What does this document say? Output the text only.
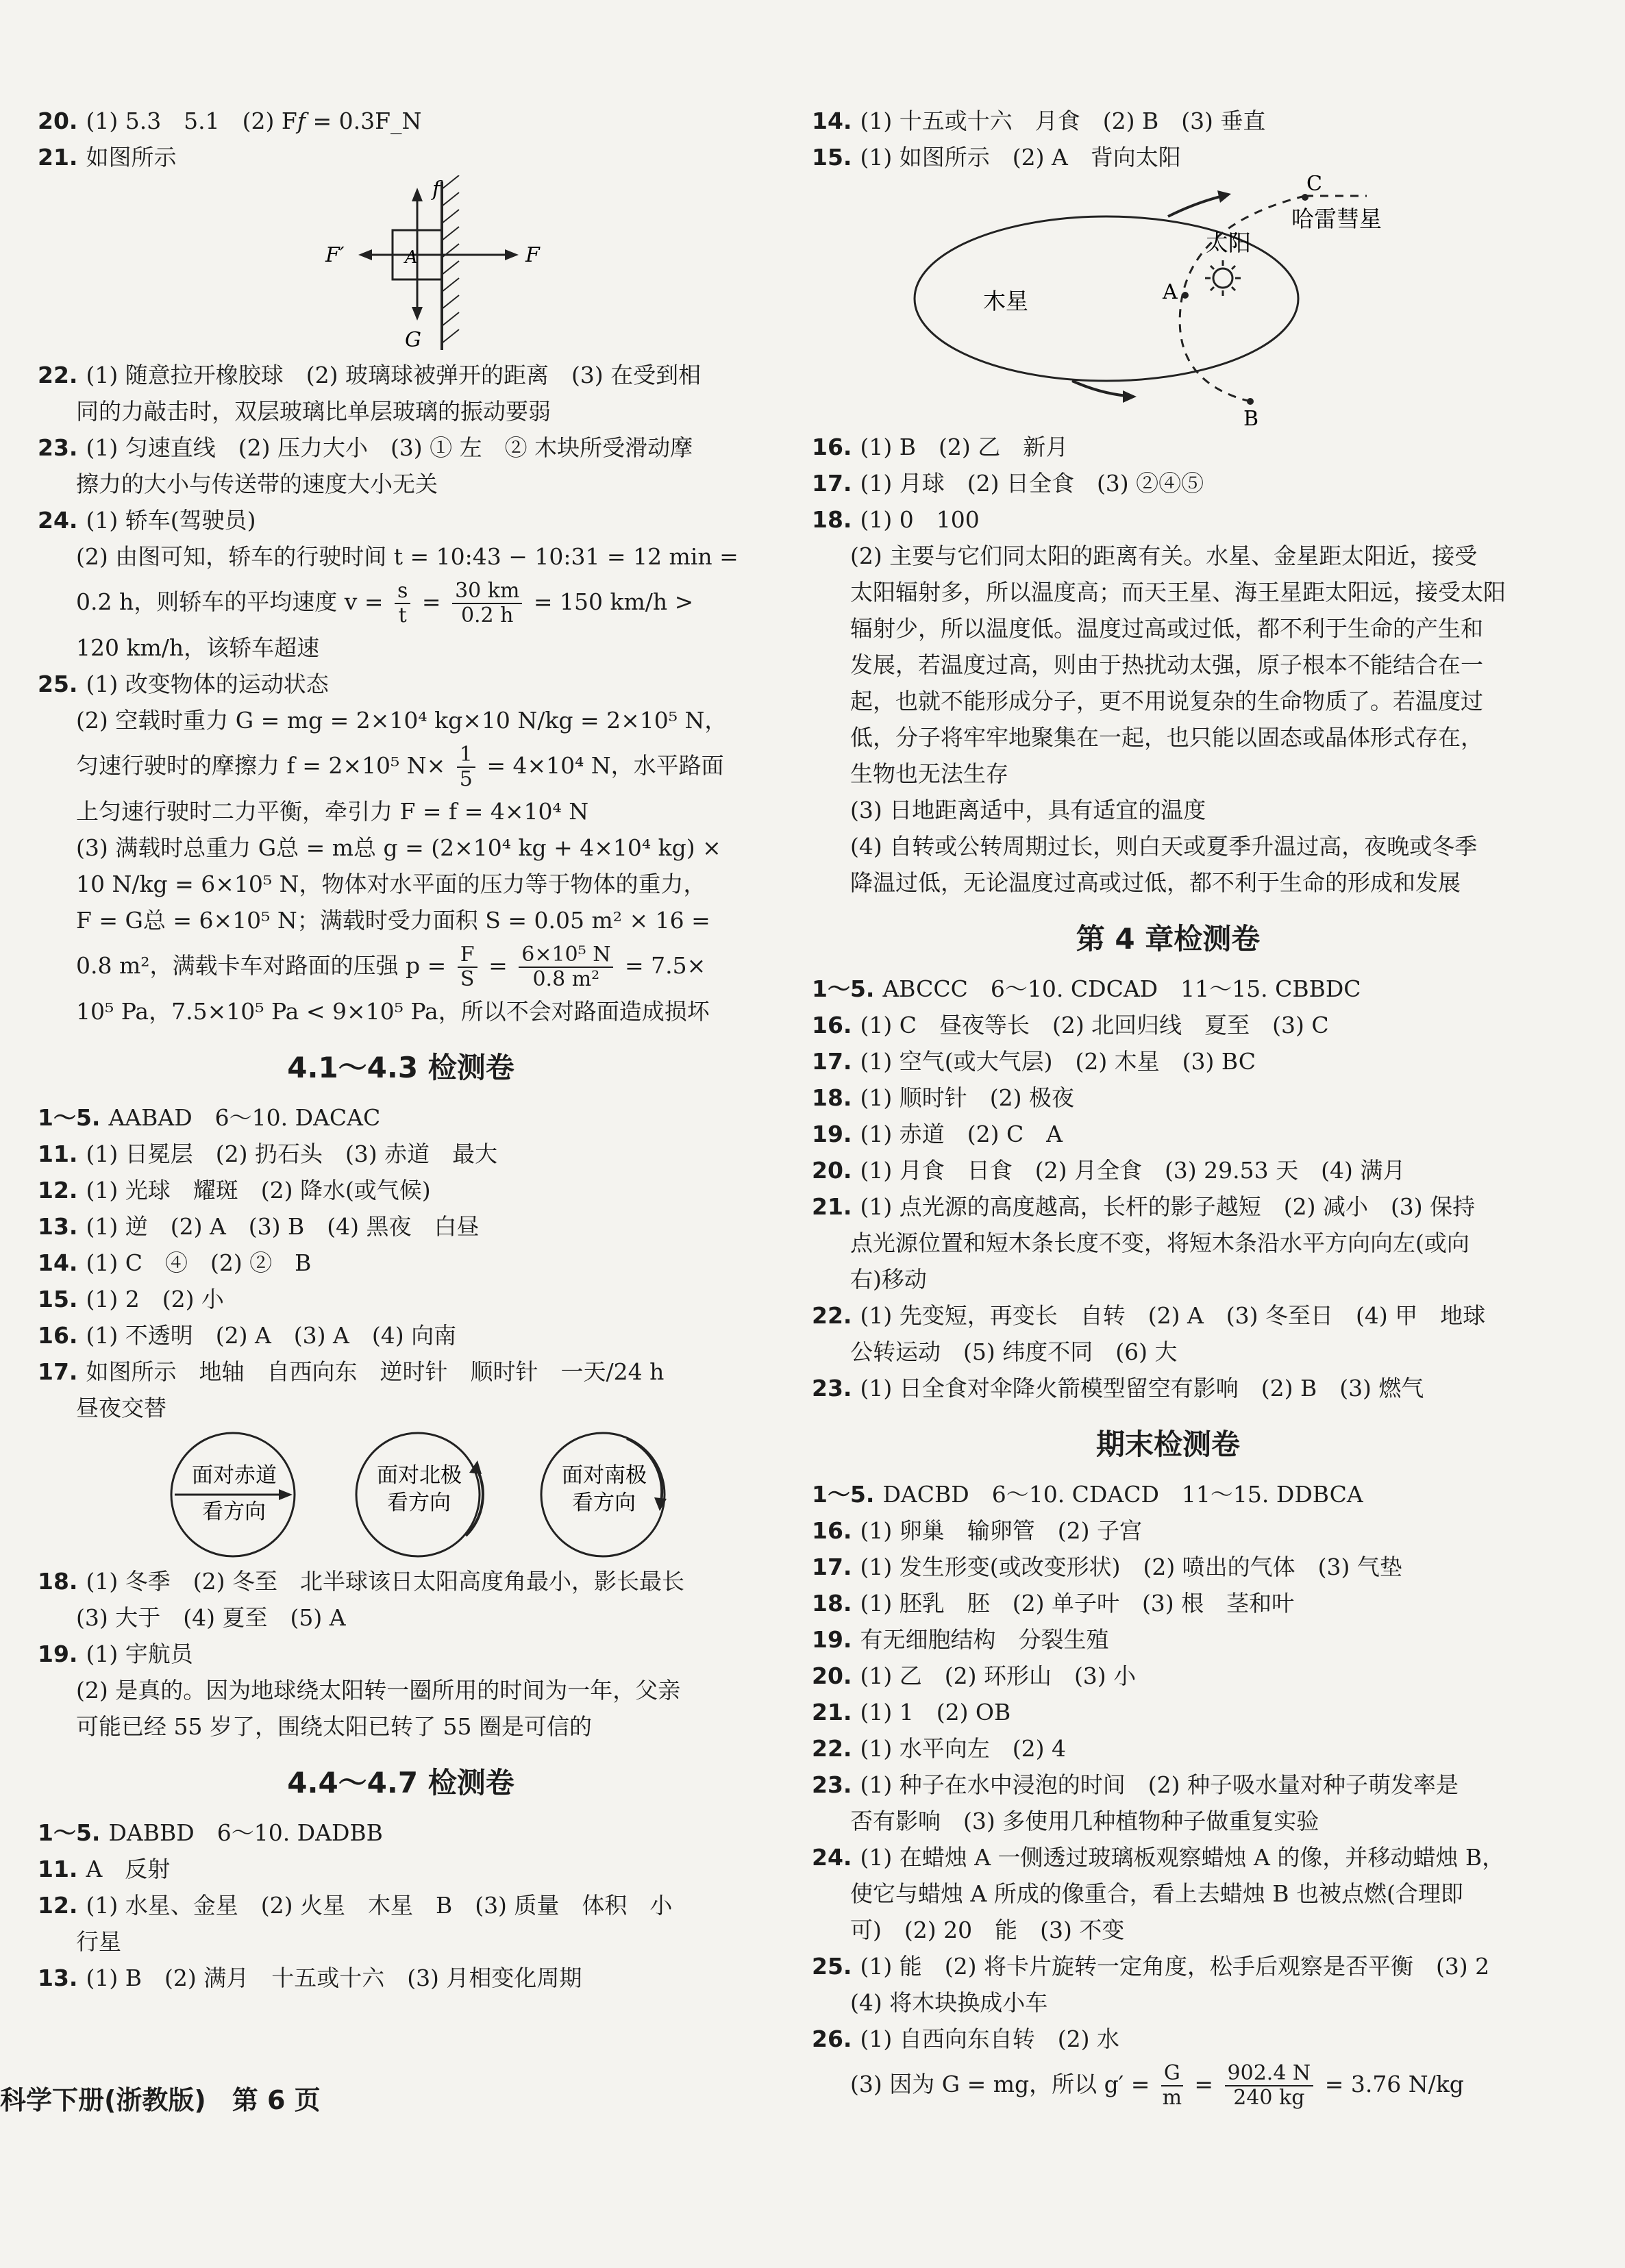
20. (1) 5.3　5.1　(2) F𝑓 = 0.3F_N
21. 如图所示
f
F′	A	F
G
22. (1) 随意拉开橡胶球　(2) 玻璃球被弹开的距离　(3) 在受到相
同的力敲击时，双层玻璃比单层玻璃的振动要弱
23. (1) 匀速直线　(2) 压力大小　(3) ① 左　② 木块所受滑动摩
擦力的大小与传送带的速度大小无关
24. (1) 轿车(驾驶员)
(2) 由图可知，轿车的行驶时间 t = 10:43 − 10:31 = 12 min =
0.2 h，则轿车的平均速度 $v = \frac{s}{t} = \frac{30 km}{0.2 h} = 150$ km/h >
120 km/h，该轿车超速
25. (1) 改变物体的运动状态
(2) 空载时重力 G = mg = 2×10⁴ kg×10 N/kg = 2×10⁵ N，
匀速行驶时的摩擦力 f = 2×10⁵ $N\times \frac{1}{5} = 4\times 10^4$ N，水平路面
上匀速行驶时二力平衡，牵引力 F = f = 4×10⁴ N
(3) 满载时总重力 G总 = m总 g = (2×10⁴ kg + 4×10⁴ kg) ×
10 N/kg = 6×10⁵ N，物体对水平面的压力等于物体的重力，
F = G总 = 6×10⁵ N；满载时受力面积 S = 0.05 m² × 16 =
0.8 m²，满载卡车对路面的压强 $p = \frac{F}{S} = \frac{\text{6×10⁵ N}}{\text{0.8 m²}} = 7.5\times$
10⁵ Pa，7.5×10⁵ Pa < 9×10⁵ Pa，所以不会对路面造成损坏
4.1～4.3 检测卷
1～5. AABAD　6～10. DACAC
11. (1) 日冕层　(2) 扔石头　(3) 赤道　最大
12. (1) 光球　耀斑　(2) 降水(或气候)
13. (1) 逆　(2) A　(3) B　(4) 黑夜　白昼
14. (1) C　④　(2) ②　B
15. (1) 2　(2) 小
16. (1) 不透明　(2) A　(3) A　(4) 向南
17. 如图所示　地轴　自西向东　逆时针　顺时针　一天/24 h
昼夜交替
面对赤道
看方向
面对北极
看方向
面对南极
看方向
18. (1) 冬季　(2) 冬至　北半球该日太阳高度角最小，影长最长
(3) 大于　(4) 夏至　(5) A
19. (1) 宇航员
(2) 是真的。因为地球绕太阳转一圈所用的时间为一年，父亲
可能已经 55 岁了，围绕太阳已转了 55 圈是可信的
4.4～4.7 检测卷
1～5. DABBD　6～10. DADBB
11. A　反射
12. (1) 水星、金星　(2) 火星　木星　B　(3) 质量　体积　小
行星
13. (1) B　(2) 满月　十五或十六　(3) 月相变化周期
14. (1) 十五或十六　月食　(2) B　(3) 垂直
15. (1) 如图所示　(2) A　背向太阳
C
哈雷彗星
太阳
木星	A
B
16. (1) B　(2) 乙　新月
17. (1) 月球　(2) 日全食　(3) ②④⑤
18. (1) 0　100
(2) 主要与它们同太阳的距离有关。水星、金星距太阳近，接受
太阳辐射多，所以温度高；而天王星、海王星距太阳远，接受太阳
辐射少，所以温度低。温度过高或过低，都不利于生命的产生和
发展，若温度过高，则由于热扰动太强，原子根本不能结合在一
起，也就不能形成分子，更不用说复杂的生命物质了。若温度过
低，分子将牢牢地聚集在一起，也只能以固态或晶体形式存在，
生物也无法生存
(3) 日地距离适中，具有适宜的温度
(4) 自转或公转周期过长，则白天或夏季升温过高，夜晚或冬季
降温过低，无论温度过高或过低，都不利于生命的形成和发展
第 4 章检测卷
1～5. ABCCC　6～10. CDCAD　11～15. CBBDC
16. (1) C　昼夜等长　(2) 北回归线　夏至　(3) C
17. (1) 空气(或大气层)　(2) 木星　(3) BC
18. (1) 顺时针　(2) 极夜
19. (1) 赤道　(2) C　A
20. (1) 月食　日食　(2) 月全食　(3) 29.53 天　(4) 满月
21. (1) 点光源的高度越高，长杆的影子越短　(2) 减小　(3) 保持
点光源位置和短木条长度不变，将短木条沿水平方向向左(或向
右)移动
22. (1) 先变短，再变长　自转　(2) A　(3) 冬至日　(4) 甲　地球
公转运动　(5) 纬度不同　(6) 大
23. (1) 日全食对伞降火箭模型留空有影响　(2) B　(3) 燃气
期末检测卷
1～5. DACBD　6～10. CDACD　11～15. DDBCA
16. (1) 卵巢　输卵管　(2) 子宫
17. (1) 发生形变(或改变形状)　(2) 喷出的气体　(3) 气垫
18. (1) 胚乳　胚　(2) 单子叶　(3) 根　茎和叶
19. 有无细胞结构　分裂生殖
20. (1) 乙　(2) 环形山　(3) 小
21. (1) 1　(2) OB
22. (1) 水平向左　(2) 4
23. (1) 种子在水中浸泡的时间　(2) 种子吸水量对种子萌发率是
否有影响　(3) 多使用几种植物种子做重复实验
24. (1) 在蜡烛 A 一侧透过玻璃板观察蜡烛 A 的像，并移动蜡烛 B，
使它与蜡烛 A 所成的像重合，看上去蜡烛 B 也被点燃(合理即
可)　(2) 20　能　(3) 不变
25. (1) 能　(2) 将卡片旋转一定角度，松手后观察是否平衡　(3) 2
(4) 将木块换成小车
26. (1) 自西向东自转　(2) 水
(3) 因为 G = mg，所以 $g' = \frac{G}{m} = \frac{902.4 N}{240 kg} = 3.76$ N/kg
科学下册(浙教版)　第 6 页
